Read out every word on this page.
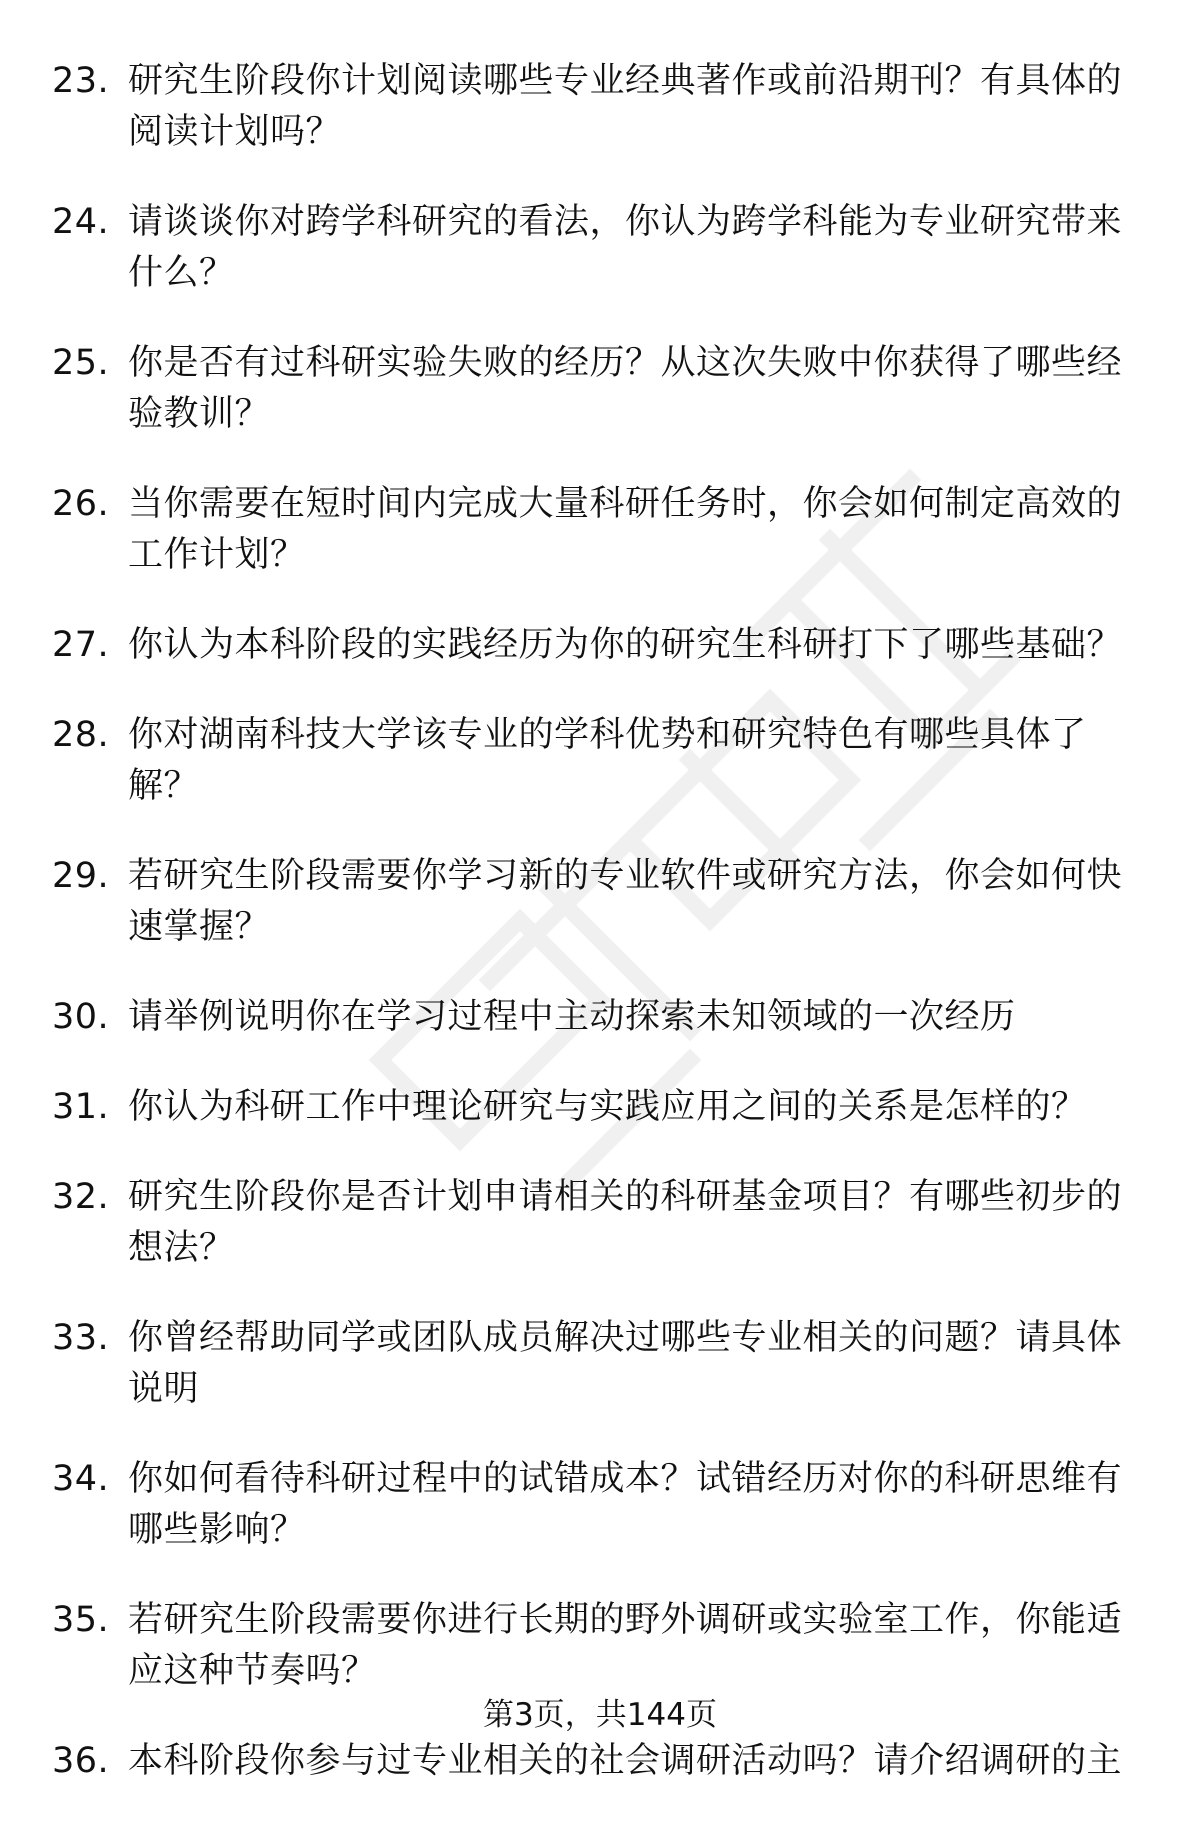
23. 研究生阶段你计划阅读哪些专业经典著作或前沿期刊？有具体的阅读计划吗？
24. 请谈谈你对跨学科研究的看法，你认为跨学科能为专业研究带来什么？
25. 你是否有过科研实验失败的经历？从这次失败中你获得了哪些经验教训？
26. 当你需要在短时间内完成大量科研任务时，你会如何制定高效的工作计划？
27. 你认为本科阶段的实践经历为你的研究生科研打下了哪些基础？
28. 你对湖南科技大学该专业的学科优势和研究特色有哪些具体了解？
29. 若研究生阶段需要你学习新的专业软件或研究方法，你会如何快速掌握？
30. 请举例说明你在学习过程中主动探索未知领域的一次经历
31. 你认为科研工作中理论研究与实践应用之间的关系是怎样的？
32. 研究生阶段你是否计划申请相关的科研基金项目？有哪些初步的想法？
33. 你曾经帮助同学或团队成员解决过哪些专业相关的问题？请具体说明
34. 你如何看待科研过程中的试错成本？试错经历对你的科研思维有哪些影响？
35. 若研究生阶段需要你进行长期的野外调研或实验室工作，你能适应这种节奏吗？
36. 本科阶段你参与过专业相关的社会调研活动吗？请介绍调研的主
第3页，共144页
